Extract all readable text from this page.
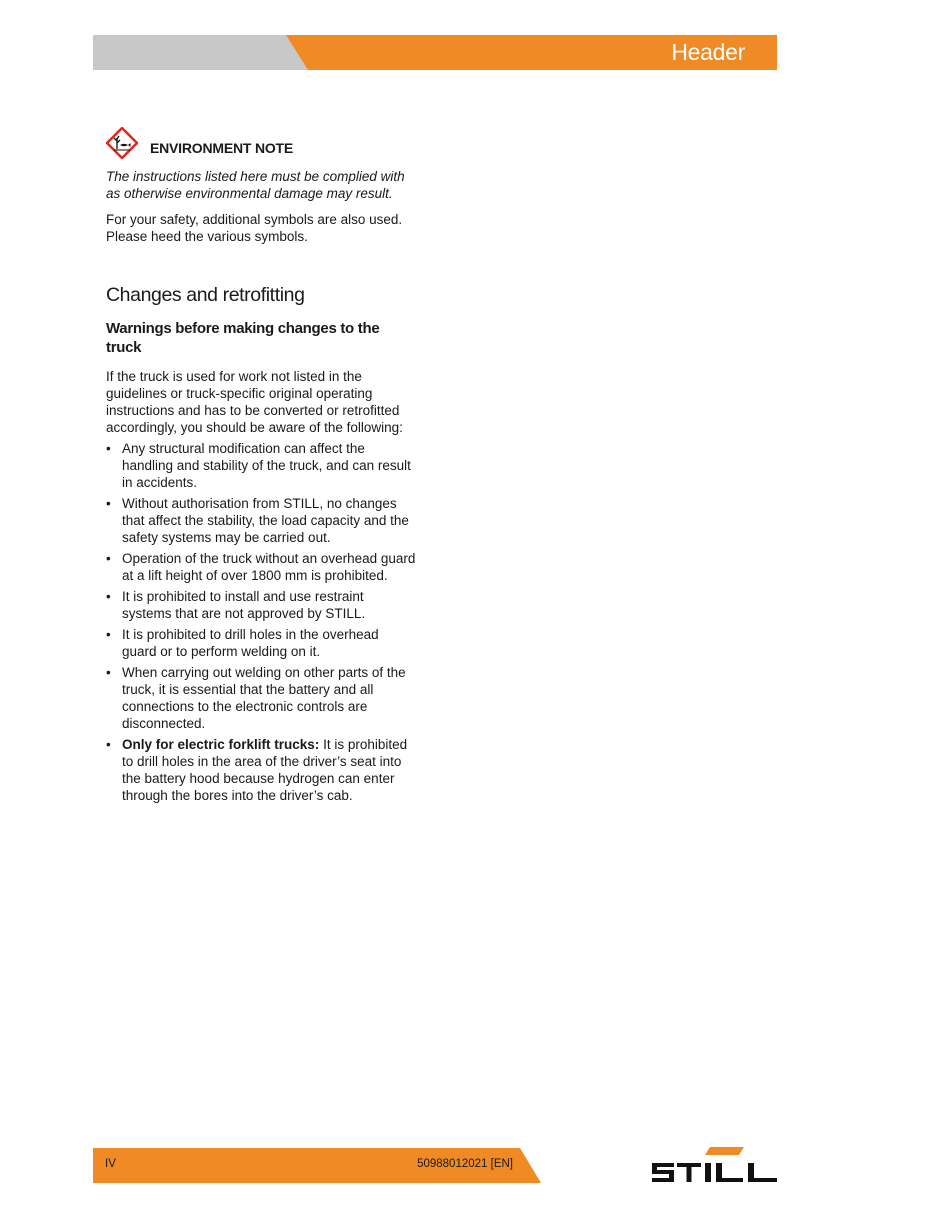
Header
ENVIRONMENT NOTE

The instructions listed here must be complied with as otherwise environmental damage may result.

For your safety, additional symbols are also used. Please heed the various symbols.

Changes and retrofitting
Warnings before making changes to the truck

If the truck is used for work not listed in the guidelines or truck-specific original operating instructions and has to be converted or retrofitted accordingly, you should be aware of the following:

• Any structural modification can affect the handling and stability of the truck, and can result in accidents.
• Without authorisation from STILL, no changes that affect the stability, the load capacity and the safety systems may be carried out.
• Operation of the truck without an overhead guard at a lift height of over 1800 mm is prohibited.
• It is prohibited to install and use restraint systems that are not approved by STILL.
• It is prohibited to drill holes in the overhead guard or to perform welding on it.
• When carrying out welding on other parts of the truck, it is essential that the battery and all connections to the electronic controls are disconnected.
• Only for electric forklift trucks: It is prohibited to drill holes in the area of the driver’s seat into the battery hood because hydrogen can enter through the bores into the driver’s cab.
IV	50988012021 [EN]
